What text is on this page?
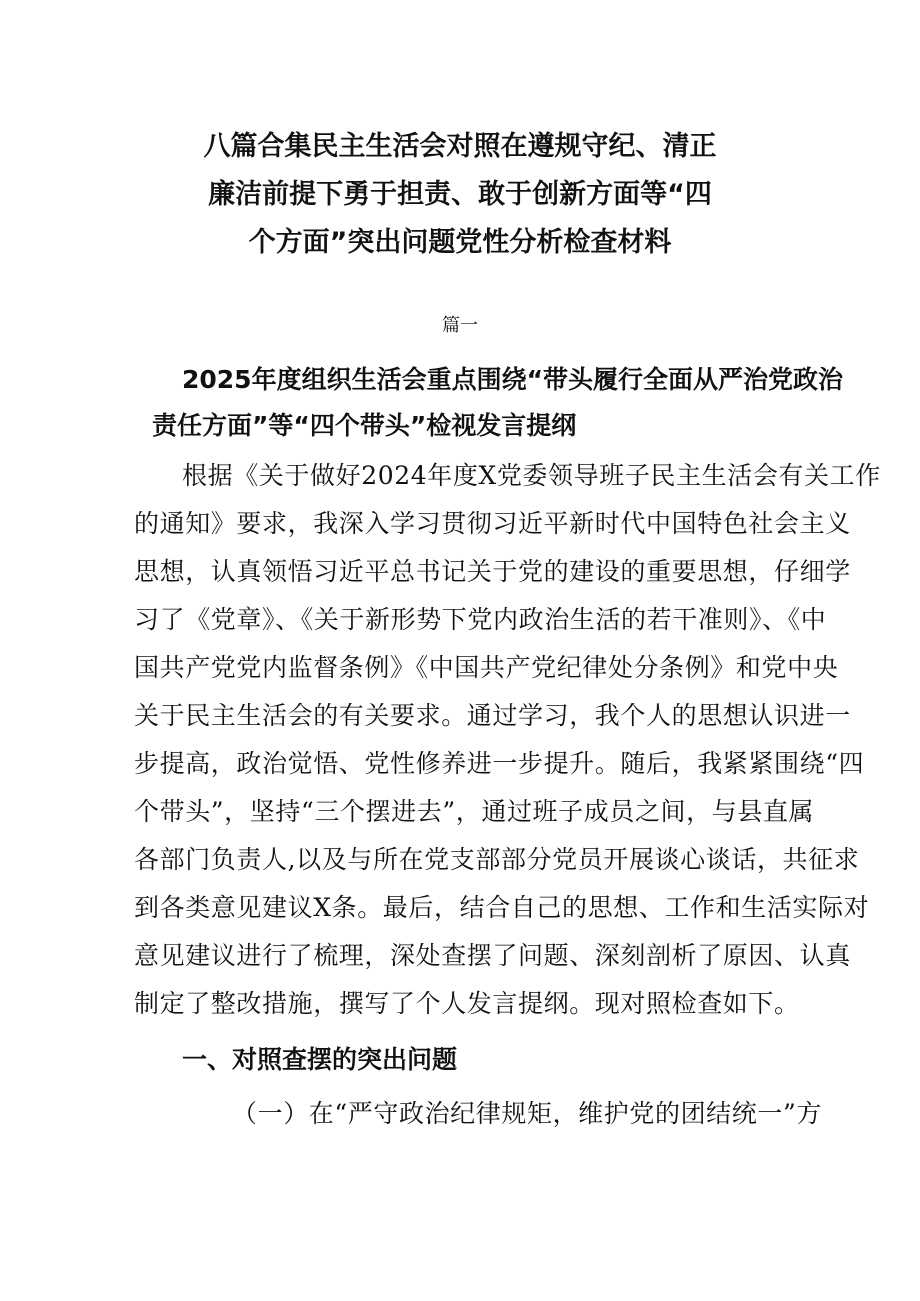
八篇合集民主生活会对照在遵规守纪、清正
廉洁前提下勇于担责、敢于创新方面等“四
个方面”突出问题党性分析检查材料
篇一
2025年度组织生活会重点围绕“带头履行全面从严治党政治
责任方面”等“四个带头”检视发言提纲
根据《关于做好2024年度X党委领导班子民主生活会有关工作
的通知》要求，我深入学习贯彻习近平新时代中国特色社会主义
思想，认真领悟习近平总书记关于党的建设的重要思想，仔细学
习了《党章》、《关于新形势下党内政治生活的若干准则》、《中
国共产党党内监督条例》《中国共产党纪律处分条例》和党中央
关于民主生活会的有关要求。通过学习，我个人的思想认识进一
步提高，政治觉悟、党性修养进一步提升。随后，我紧紧围绕“四
个带头”，坚持“三个摆进去”，通过班子成员之间，与县直属
各部门负责人,以及与所在党支部部分党员开展谈心谈话，共征求
到各类意见建议X条。最后，结合自己的思想、工作和生活实际对
意见建议进行了梳理，深处查摆了问题、深刻剖析了原因、认真
制定了整改措施，撰写了个人发言提纲。现对照检查如下。
一、对照查摆的突出问题
（一）在“严守政治纪律规矩，维护党的团结统一”方
